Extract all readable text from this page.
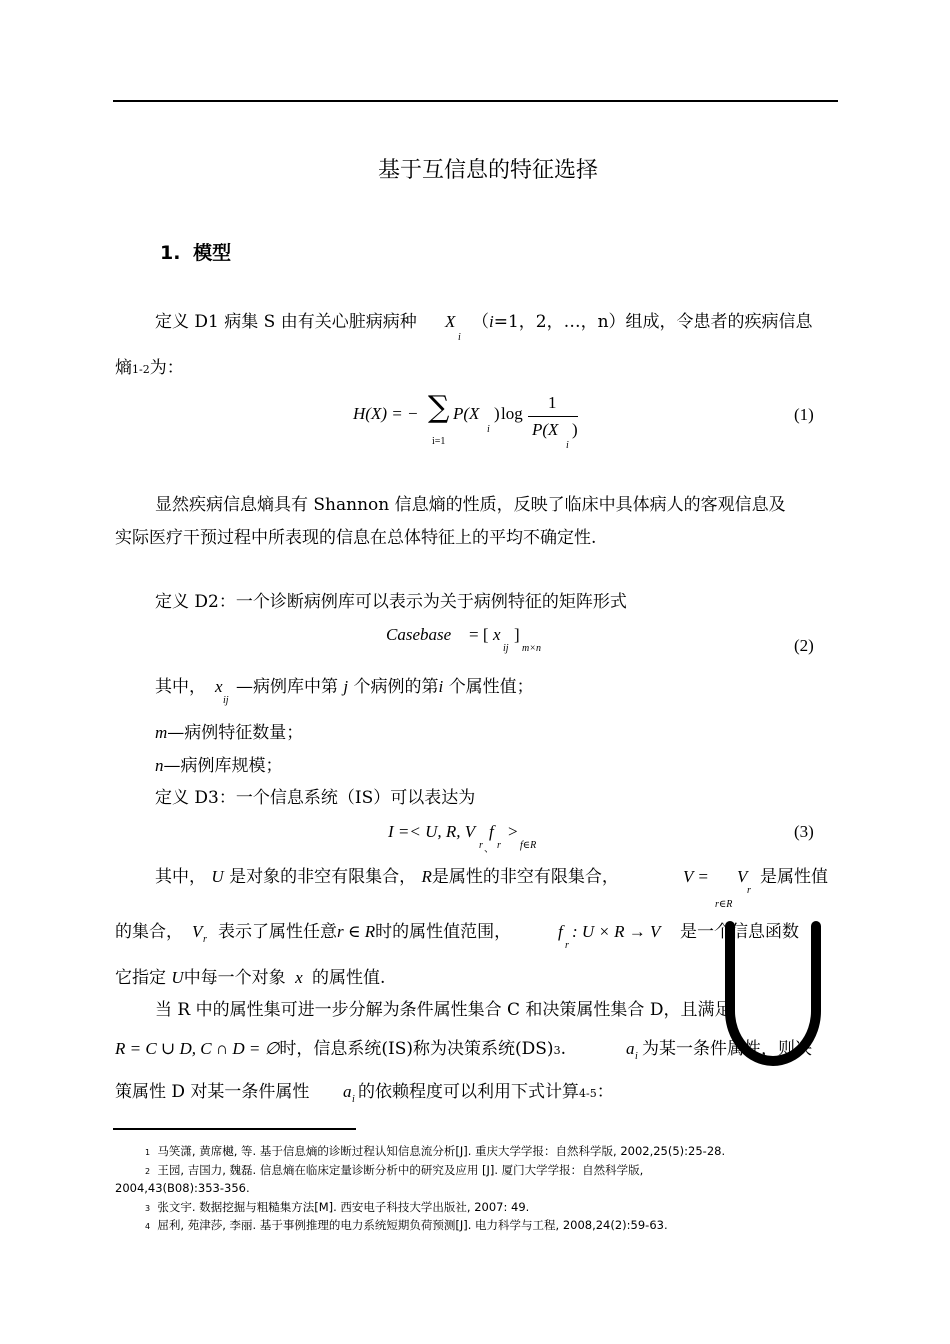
基于互信息的特征选择
1. 模型
定义 D1 病集 S 由有关心脏病病种 X
i
（i=1，2，…，n）组成，令患者的疾病信息
熵1-2为：
H(X) = − ∑
i=1
P(X
i
) log
1
P(X
i
)
(1)
显然疾病信息熵具有 Shannon 信息熵的性质，反映了临床中具体病人的客观信息及
实际医疗干预过程中所表现的信息在总体特征上的平均不确定性.
定义 D2：一个诊断病例库可以表示为关于病例特征的矩阵形式
Casebase = [ x
ij
]
m×n	(2)
其中， x
ij
—病例库中第 j 个病例的第i 个属性值；
m—病例特征数量；
n—病例库规模；
定义 D3：一个信息系统（IS）可以表达为
I =< U, R, V
r 、
f
r
>
f∈R
(3)
其中， U 是对象的非空有限集合， R是属性的非空有限集合，	V = V
r
r∈R
是属性值
的集合， V r 表示了属性任意r ∈ R时的属性值范围，	f
r
: U × R → V 是一个信息函数
它指定 U中每一个对象 x 的属性值.
当 R 中的属性集可进一步分解为条件属性集合 C 和决策属性集合 D，且满足
R = C ∪ D, C ∩ D = ∅时，信息系统(IS)称为决策系统(DS)3.	a i 为某一条件属性，则决
策属性 D 对某一条件属性 a i 的依赖程度可以利用下式计算4-5：
1 马笑潇, 黄席樾, 等. 基于信息熵的诊断过程认知信息流分析[J]. 重庆大学学报：自然科学版, 2002,25(5):25-28.
2 王园, 吉国力, 魏磊. 信息熵在临床定量诊断分析中的研究及应用 [J]. 厦门大学学报：自然科学版,
2004,43(B08):353-356.
3 张文宇. 数据挖掘与粗糙集方法[M]. 西安电子科技大学出版社, 2007: 49.
4 屈利, 苑津莎, 李丽. 基于事例推理的电力系统短期负荷预测[J]. 电力科学与工程, 2008,24(2):59-63.
